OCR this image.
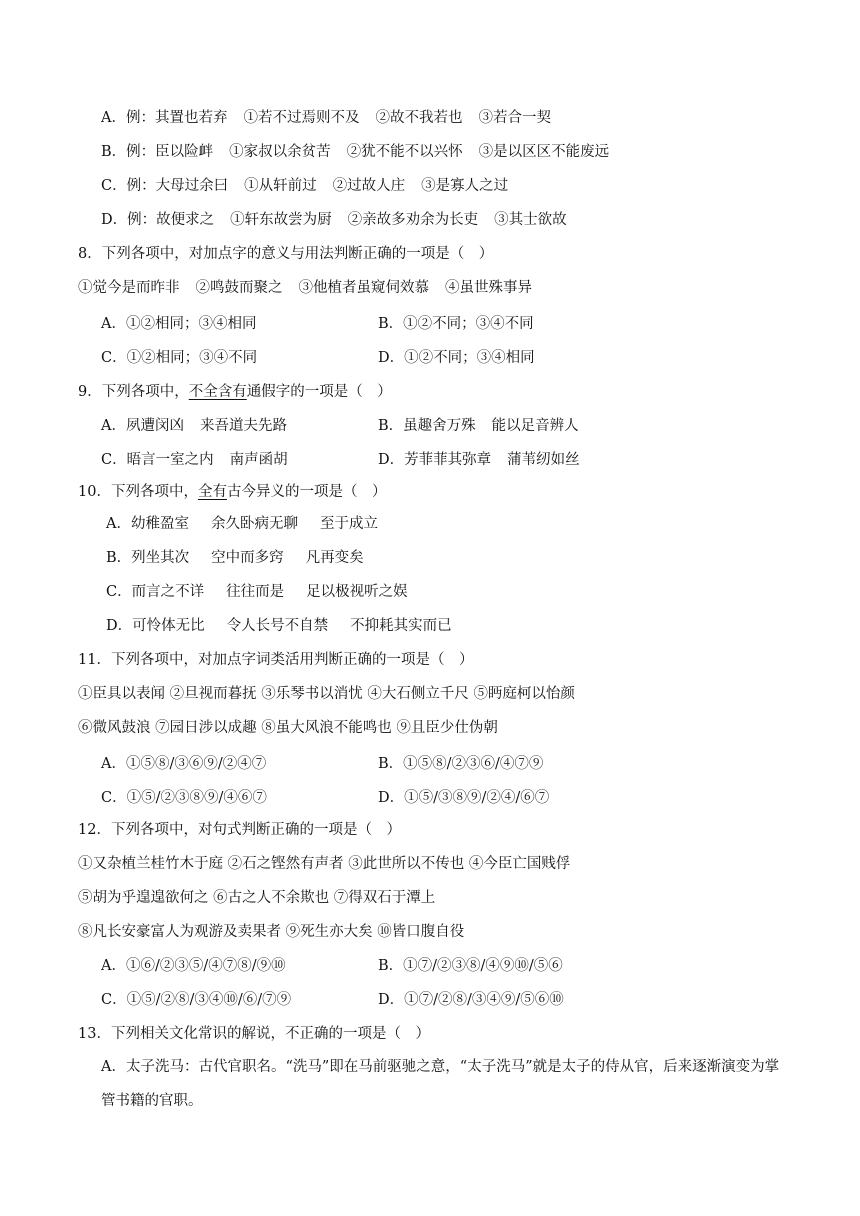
A．例：其置也若弃 ①若不过焉则不及 ②故不我若也 ③若合一契
B．例：臣以险衅 ①家叔以余贫苦 ②犹不能不以兴怀 ③是以区区不能废远
C．例：大母过余曰 ①从轩前过 ②过故人庄 ③是寡人之过
D．例：故便求之 ①轩东故尝为厨 ②亲故多劝余为长吏 ③其士欲故
8．下列各项中，对加点字的意义与用法判断正确的一项是（　）
①觉今是而昨非 ②鸣鼓而聚之 ③他植者虽窥伺效慕 ④虽世殊事异
A．①②相同；③④相同	B．①②不同；③④不同
C．①②相同；③④不同	D．①②不同；③④相同
9．下列各项中，不全含有通假字的一项是（　）
A．夙遭闵凶 来吾道夫先路	B．虽趣舍万殊 能以足音辨人
C．晤言一室之内 南声函胡	D．芳菲菲其弥章 蒲苇纫如丝
10．下列各项中，全有古今异义的一项是（　）
A．幼稚盈室 余久卧病无聊 至于成立
B．列坐其次 空中而多窍 凡再变矣
C．而言之不详 往往而是 足以极视听之娱
D．可怜体无比 令人长号不自禁 不抑耗其实而已
11．下列各项中，对加点字词类活用判断正确的一项是（　）
①臣具以表闻 ②旦视而暮抚 ③乐琴书以消忧 ④大石侧立千尺 ⑤眄庭柯以怡颜
⑥微风鼓浪 ⑦园日涉以成趣 ⑧虽大风浪不能鸣也 ⑨且臣少仕伪朝
A．①⑤⑧/③⑥⑨/②④⑦	B．①⑤⑧/②③⑥/④⑦⑨
C．①⑤/②③⑧⑨/④⑥⑦	D．①⑤/③⑧⑨/②④/⑥⑦
12．下列各项中，对句式判断正确的一项是（　）
①又杂植兰桂竹木于庭 ②石之铿然有声者 ③此世所以不传也 ④今臣亡国贱俘
⑤胡为乎遑遑欲何之 ⑥古之人不余欺也 ⑦得双石于潭上
⑧凡长安豪富人为观游及卖果者 ⑨死生亦大矣 ⑩皆口腹自役
A．①⑥/②③⑤/④⑦⑧/⑨⑩	B．①⑦/②③⑧/④⑨⑩/⑤⑥
C．①⑤/②⑧/③④⑩/⑥/⑦⑨	D．①⑦/②⑧/③④⑨/⑤⑥⑩
13．下列相关文化常识的解说，不正确的一项是（　）
A．太子洗马：古代官职名。“洗马”即在马前驱驰之意，“太子洗马”就是太子的侍从官，后来逐渐演变为掌管书籍的官职。
